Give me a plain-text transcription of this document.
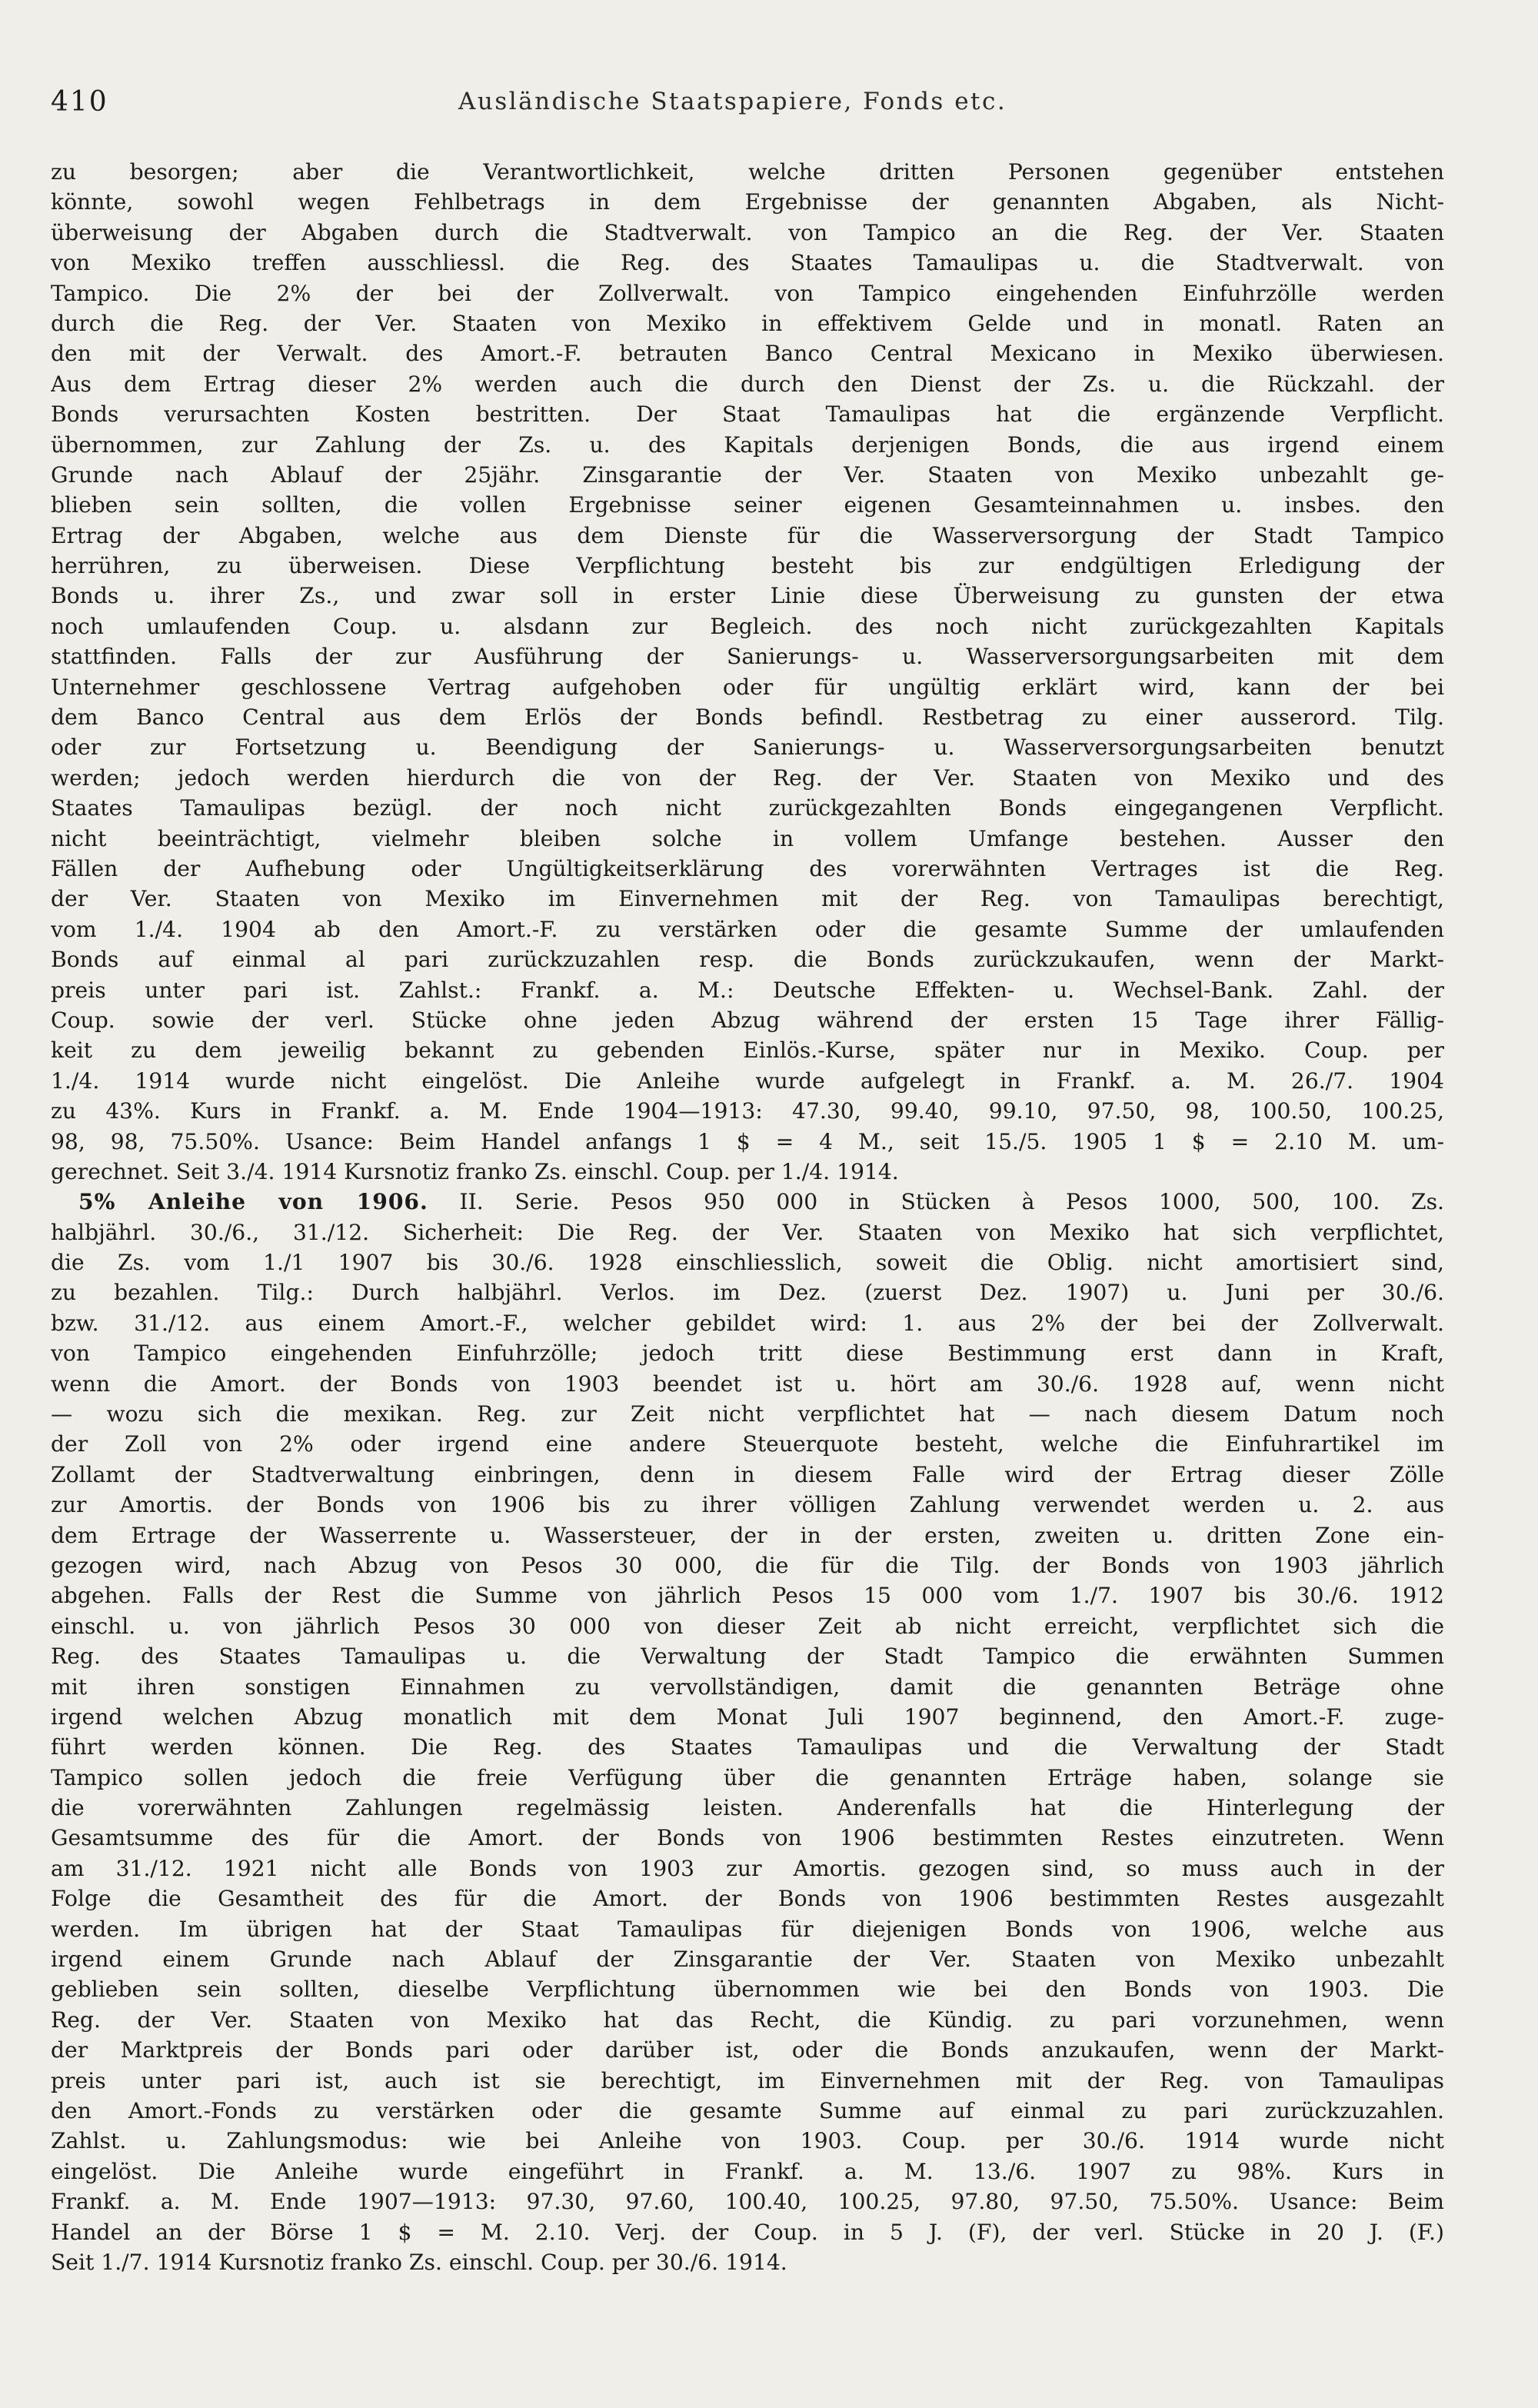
410	Ausländische Staatspapiere, Fonds etc.
zu besorgen; aber die Verantwortlichkeit, welche dritten Personen gegenüber entstehen
könnte, sowohl wegen Fehlbetrags in dem Ergebnisse der genannten Abgaben, als Nicht-
überweisung der Abgaben durch die Stadtverwalt. von Tampico an die Reg. der Ver. Staaten
von Mexiko treffen ausschliessl. die Reg. des Staates Tamaulipas u. die Stadtverwalt. von
Tampico. Die 2% der bei der Zollverwalt. von Tampico eingehenden Einfuhrzölle werden
durch die Reg. der Ver. Staaten von Mexiko in effektivem Gelde und in monatl. Raten an
den mit der Verwalt. des Amort.-F. betrauten Banco Central Mexicano in Mexiko überwiesen.
Aus dem Ertrag dieser 2% werden auch die durch den Dienst der Zs. u. die Rückzahl. der
Bonds verursachten Kosten bestritten. Der Staat Tamaulipas hat die ergänzende Verpflicht.
übernommen, zur Zahlung der Zs. u. des Kapitals derjenigen Bonds, die aus irgend einem
Grunde nach Ablauf der 25jähr. Zinsgarantie der Ver. Staaten von Mexiko unbezahlt ge-
blieben sein sollten, die vollen Ergebnisse seiner eigenen Gesamteinnahmen u. insbes. den
Ertrag der Abgaben, welche aus dem Dienste für die Wasserversorgung der Stadt Tampico
herrühren, zu überweisen. Diese Verpflichtung besteht bis zur endgültigen Erledigung der
Bonds u. ihrer Zs., und zwar soll in erster Linie diese Überweisung zu gunsten der etwa
noch umlaufenden Coup. u. alsdann zur Begleich. des noch nicht zurückgezahlten Kapitals
stattfinden. Falls der zur Ausführung der Sanierungs- u. Wasserversorgungsarbeiten mit dem
Unternehmer geschlossene Vertrag aufgehoben oder für ungültig erklärt wird, kann der bei
dem Banco Central aus dem Erlös der Bonds befindl. Restbetrag zu einer ausserord. Tilg.
oder zur Fortsetzung u. Beendigung der Sanierungs- u. Wasserversorgungsarbeiten benutzt
werden; jedoch werden hierdurch die von der Reg. der Ver. Staaten von Mexiko und des
Staates Tamaulipas bezügl. der noch nicht zurückgezahlten Bonds eingegangenen Verpflicht.
nicht beeinträchtigt, vielmehr bleiben solche in vollem Umfange bestehen. Ausser den
Fällen der Aufhebung oder Ungültigkeitserklärung des vorerwähnten Vertrages ist die Reg.
der Ver. Staaten von Mexiko im Einvernehmen mit der Reg. von Tamaulipas berechtigt,
vom 1./4. 1904 ab den Amort.-F. zu verstärken oder die gesamte Summe der umlaufenden
Bonds auf einmal al pari zurückzuzahlen resp. die Bonds zurückzukaufen, wenn der Markt-
preis unter pari ist. Zahlst.: Frankf. a. M.: Deutsche Effekten- u. Wechsel-Bank. Zahl. der
Coup. sowie der verl. Stücke ohne jeden Abzug während der ersten 15 Tage ihrer Fällig-
keit zu dem jeweilig bekannt zu gebenden Einlös.-Kurse, später nur in Mexiko. Coup. per
1./4. 1914 wurde nicht eingelöst. Die Anleihe wurde aufgelegt in Frankf. a. M. 26./7. 1904
zu 43%. Kurs in Frankf. a. M. Ende 1904—1913: 47.30, 99.40, 99.10, 97.50, 98, 100.50, 100.25,
98, 98, 75.50%. Usance: Beim Handel anfangs 1 $ = 4 M., seit 15./5. 1905 1 $ = 2.10 M. um-
gerechnet. Seit 3./4. 1914 Kursnotiz franko Zs. einschl. Coup. per 1./4. 1914.
5% Anleihe von 1906. II. Serie. Pesos 950 000 in Stücken à Pesos 1000, 500, 100. Zs.
halbjährl. 30./6., 31./12. Sicherheit: Die Reg. der Ver. Staaten von Mexiko hat sich verpflichtet,
die Zs. vom 1./1 1907 bis 30./6. 1928 einschliesslich, soweit die Oblig. nicht amortisiert sind,
zu bezahlen. Tilg.: Durch halbjährl. Verlos. im Dez. (zuerst Dez. 1907) u. Juni per 30./6.
bzw. 31./12. aus einem Amort.-F., welcher gebildet wird: 1. aus 2% der bei der Zollverwalt.
von Tampico eingehenden Einfuhrzölle; jedoch tritt diese Bestimmung erst dann in Kraft,
wenn die Amort. der Bonds von 1903 beendet ist u. hört am 30./6. 1928 auf, wenn nicht
— wozu sich die mexikan. Reg. zur Zeit nicht verpflichtet hat — nach diesem Datum noch
der Zoll von 2% oder irgend eine andere Steuerquote besteht, welche die Einfuhrartikel im
Zollamt der Stadtverwaltung einbringen, denn in diesem Falle wird der Ertrag dieser Zölle
zur Amortis. der Bonds von 1906 bis zu ihrer völligen Zahlung verwendet werden u. 2. aus
dem Ertrage der Wasserrente u. Wassersteuer, der in der ersten, zweiten u. dritten Zone ein-
gezogen wird, nach Abzug von Pesos 30 000, die für die Tilg. der Bonds von 1903 jährlich
abgehen. Falls der Rest die Summe von jährlich Pesos 15 000 vom 1./7. 1907 bis 30./6. 1912
einschl. u. von jährlich Pesos 30 000 von dieser Zeit ab nicht erreicht, verpflichtet sich die
Reg. des Staates Tamaulipas u. die Verwaltung der Stadt Tampico die erwähnten Summen
mit ihren sonstigen Einnahmen zu vervollständigen, damit die genannten Beträge ohne
irgend welchen Abzug monatlich mit dem Monat Juli 1907 beginnend, den Amort.-F. zuge-
führt werden können. Die Reg. des Staates Tamaulipas und die Verwaltung der Stadt
Tampico sollen jedoch die freie Verfügung über die genannten Erträge haben, solange sie
die vorerwähnten Zahlungen regelmässig leisten. Anderenfalls hat die Hinterlegung der
Gesamtsumme des für die Amort. der Bonds von 1906 bestimmten Restes einzutreten. Wenn
am 31./12. 1921 nicht alle Bonds von 1903 zur Amortis. gezogen sind, so muss auch in der
Folge die Gesamtheit des für die Amort. der Bonds von 1906 bestimmten Restes ausgezahlt
werden. Im übrigen hat der Staat Tamaulipas für diejenigen Bonds von 1906, welche aus
irgend einem Grunde nach Ablauf der Zinsgarantie der Ver. Staaten von Mexiko unbezahlt
geblieben sein sollten, dieselbe Verpflichtung übernommen wie bei den Bonds von 1903. Die
Reg. der Ver. Staaten von Mexiko hat das Recht, die Kündig. zu pari vorzunehmen, wenn
der Marktpreis der Bonds pari oder darüber ist, oder die Bonds anzukaufen, wenn der Markt-
preis unter pari ist, auch ist sie berechtigt, im Einvernehmen mit der Reg. von Tamaulipas
den Amort.-Fonds zu verstärken oder die gesamte Summe auf einmal zu pari zurückzuzahlen.
Zahlst. u. Zahlungsmodus: wie bei Anleihe von 1903. Coup. per 30./6. 1914 wurde nicht
eingelöst. Die Anleihe wurde eingeführt in Frankf. a. M. 13./6. 1907 zu 98%. Kurs in
Frankf. a. M. Ende 1907—1913: 97.30, 97.60, 100.40, 100.25, 97.80, 97.50, 75.50%. Usance: Beim
Handel an der Börse 1 $ = M. 2.10. Verj. der Coup. in 5 J. (F), der verl. Stücke in 20 J. (F.)
Seit 1./7. 1914 Kursnotiz franko Zs. einschl. Coup. per 30./6. 1914.
